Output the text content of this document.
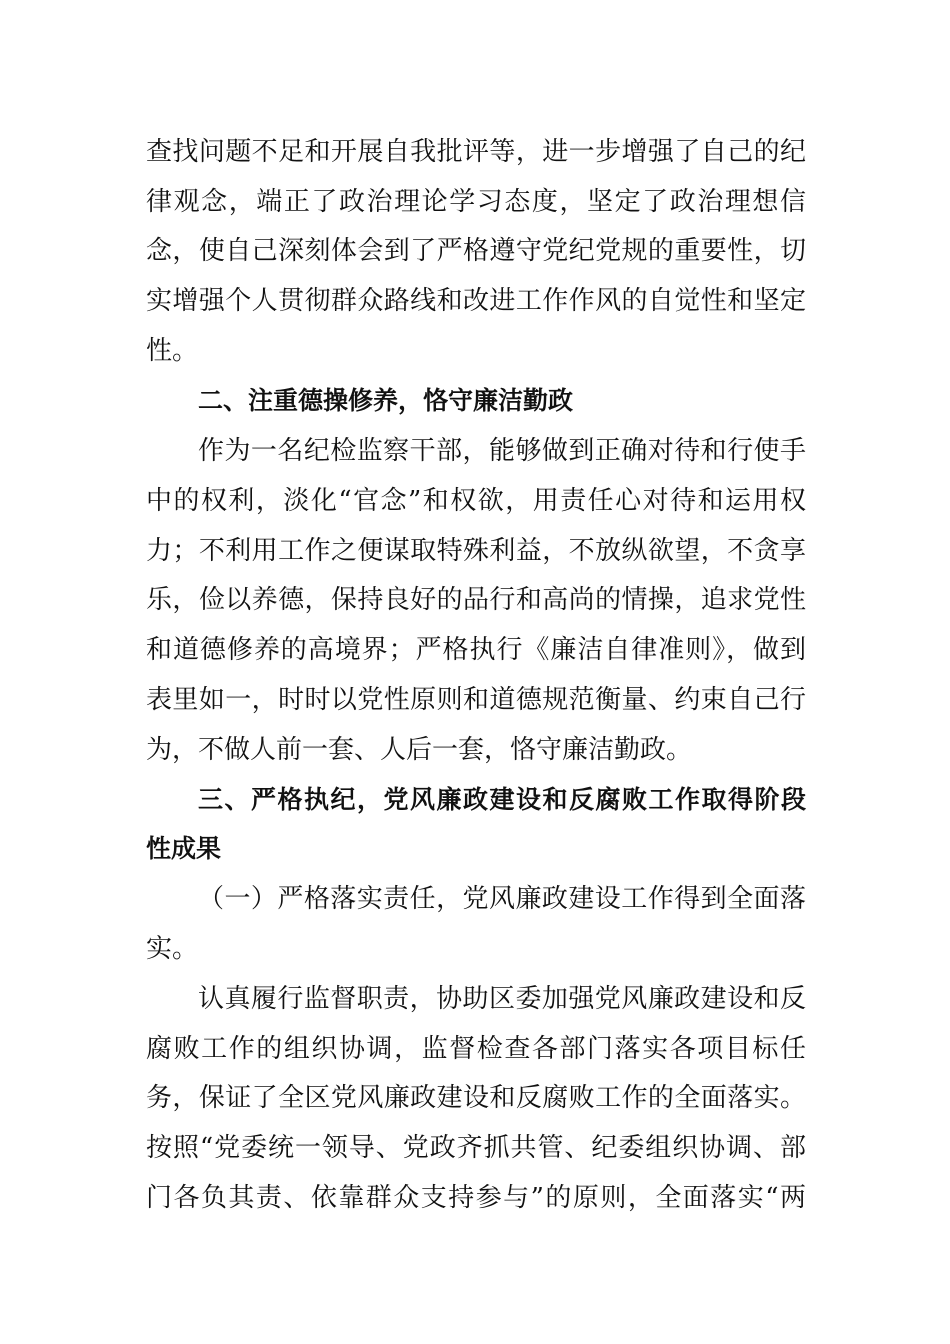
查找问题不足和开展自我批评等，进一步增强了自己的纪

律观念，端正了政治理论学习态度，坚定了政治理想信

念，使自己深刻体会到了严格遵守党纪党规的重要性，切

实增强个人贯彻群众路线和改进工作作风的自觉性和坚定

性。

二、注重德操修养，恪守廉洁勤政

作为一名纪检监察干部，能够做到正确对待和行使手

中的权利，淡化“官念”和权欲，用责任心对待和运用权

力；不利用工作之便谋取特殊利益，不放纵欲望，不贪享

乐，俭以养德，保持良好的品行和高尚的情操，追求党性

和道德修养的高境界；严格执行《廉洁自律准则》，做到

表里如一，时时以党性原则和道德规范衡量、约束自己行

为，不做人前一套、人后一套，恪守廉洁勤政。

三、严格执纪，党风廉政建设和反腐败工作取得阶段

性成果

（一）严格落实责任，党风廉政建设工作得到全面落

实。

认真履行监督职责，协助区委加强党风廉政建设和反

腐败工作的组织协调，监督检查各部门落实各项目标任

务，保证了全区党风廉政建设和反腐败工作的全面落实。

按照“党委统一领导、党政齐抓共管、纪委组织协调、部

门各负其责、依靠群众支持参与”的原则，全面落实“两
